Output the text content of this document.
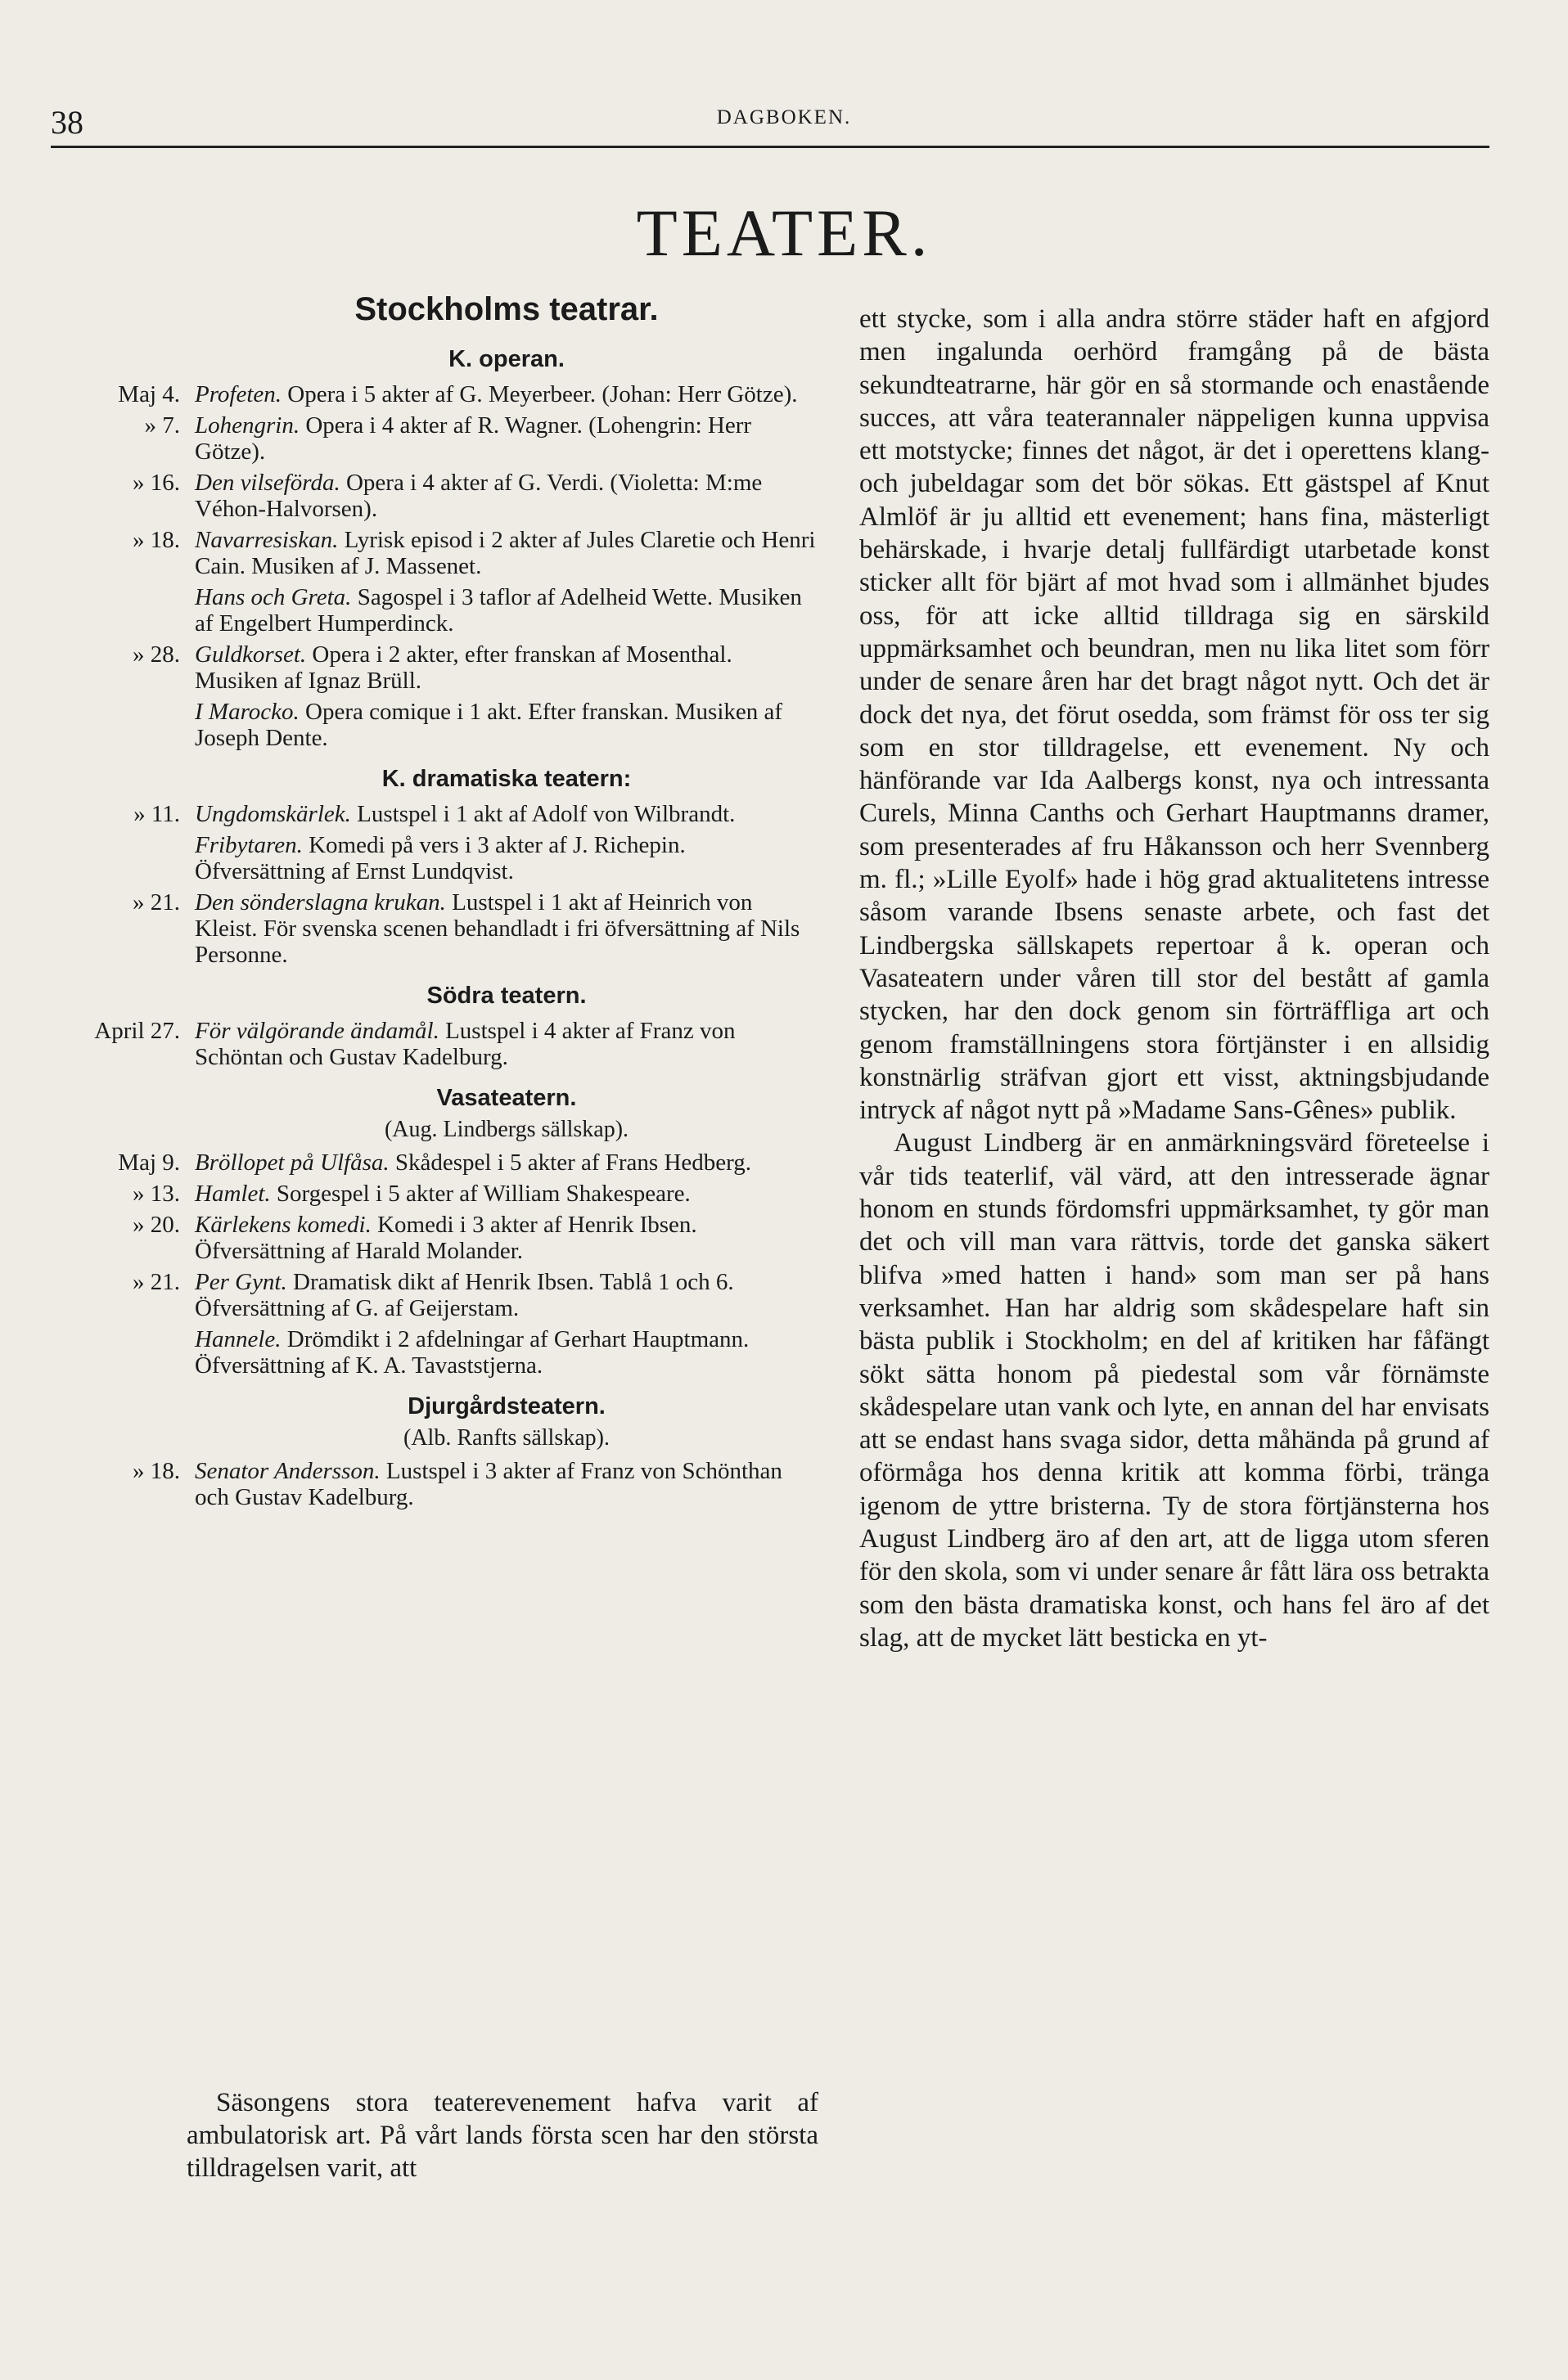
38	DAGBOKEN.
TEATER.
Stockholms teatrar.
K. operan.
Maj 4. Profeten. Opera i 5 akter af G. Meyerbeer. (Johan: Herr Götze).
» 7. Lohengrin. Opera i 4 akter af R. Wagner. (Lohengrin: Herr Götze).
» 16. Den vilseförda. Opera i 4 akter af G. Verdi. (Violetta: M:me Véhon-Halvorsen).
» 18. Navarresiskan. Lyrisk episod i 2 akter af Jules Claretie och Henri Cain. Musiken af J. Massenet.
Hans och Greta. Sagospel i 3 taflor af Adelheid Wette. Musiken af Engelbert Humperdinck.
» 28. Guldkorset. Opera i 2 akter, efter franskan af Mosenthal. Musiken af Ignaz Brüll.
I Marocko. Opera comique i 1 akt. Efter franskan. Musiken af Joseph Dente.
K. dramatiska teatern:
» 11. Ungdomskärlek. Lustspel i 1 akt af Adolf von Wilbrandt.
Fribytaren. Komedi på vers i 3 akter af J. Richepin. Öfversättning af Ernst Lundqvist.
» 21. Den sönderslagna krukan. Lustspel i 1 akt af Heinrich von Kleist. För svenska scenen behandladt i fri öfversättning af Nils Personne.
Södra teatern.
April 27. För välgörande ändamål. Lustspel i 4 akter af Franz von Schöntan och Gustav Kadelburg.
Vasateatern.
(Aug. Lindbergs sällskap).
Maj 9. Bröllopet på Ulfåsa. Skådespel i 5 akter af Frans Hedberg.
» 13. Hamlet. Sorgespel i 5 akter af William Shakespeare.
» 20. Kärlekens komedi. Komedi i 3 akter af Henrik Ibsen. Öfversättning af Harald Molander.
» 21. Per Gynt. Dramatisk dikt af Henrik Ibsen. Tablå 1 och 6. Öfversättning af G. af Geijerstam.
Hannele. Drömdikt i 2 afdelningar af Gerhart Hauptmann. Öfversättning af K. A. Tavaststjerna.
Djurgårdsteatern.
(Alb. Ranfts sällskap).
» 18. Senator Andersson. Lustspel i 3 akter af Franz von Schönthan och Gustav Kadelburg.

Säsongens stora teaterevenement hafva varit af ambulatorisk art. På vårt lands första scen har den största tilldragelsen varit, att

ett stycke, som i alla andra större städer haft en afgjord men ingalunda oerhörd framgång på de bästa sekundteatrarne, här gör en så stormande och enastående succes, att våra teaterannaler näppeligen kunna uppvisa ett motstycke; finnes det något, är det i operettens klang- och jubeldagar som det bör sökas. Ett gästspel af Knut Almlöf är ju alltid ett evenement; hans fina, mästerligt behärskade, i hvarje detalj fullfärdigt utarbetade konst sticker allt för bjärt af mot hvad som i allmänhet bjudes oss, för att icke alltid tilldraga sig en särskild uppmärksamhet och beundran, men nu lika litet som förr under de senare åren har det bragt något nytt. Och det är dock det nya, det förut osedda, som främst för oss ter sig som en stor tilldragelse, ett evenement. Ny och hänförande var Ida Aalbergs konst, nya och intressanta Curels, Minna Canths och Gerhart Hauptmanns dramer, som presenterades af fru Håkansson och herr Svennberg m. fl.; »Lille Eyolf» hade i hög grad aktualitetens intresse såsom varande Ibsens senaste arbete, och fast det Lindbergska sällskapets repertoar å k. operan och Vasateatern under våren till stor del bestått af gamla stycken, har den dock genom sin förträffliga art och genom framställningens stora förtjänster i en allsidig konstnärlig sträfvan gjort ett visst, aktningsbjudande intryck af något nytt på »Madame Sans-Gênes» publik.

August Lindberg är en anmärkningsvärd företeelse i vår tids teaterlif, väl värd, att den intresserade ägnar honom en stunds fördomsfri uppmärksamhet, ty gör man det och vill man vara rättvis, torde det ganska säkert blifva »med hatten i hand» som man ser på hans verksamhet. Han har aldrig som skådespelare haft sin bästa publik i Stockholm; en del af kritiken har fåfängt sökt sätta honom på piedestal som vår förnämste skådespelare utan vank och lyte, en annan del har envisats att se endast hans svaga sidor, detta måhända på grund af oförmåga hos denna kritik att komma förbi, tränga igenom de yttre bristerna. Ty de stora förtjänsterna hos August Lindberg äro af den art, att de ligga utom sferen för den skola, som vi under senare år fått lära oss betrakta som den bästa dramatiska konst, och hans fel äro af det slag, att de mycket lätt besticka en yt-
